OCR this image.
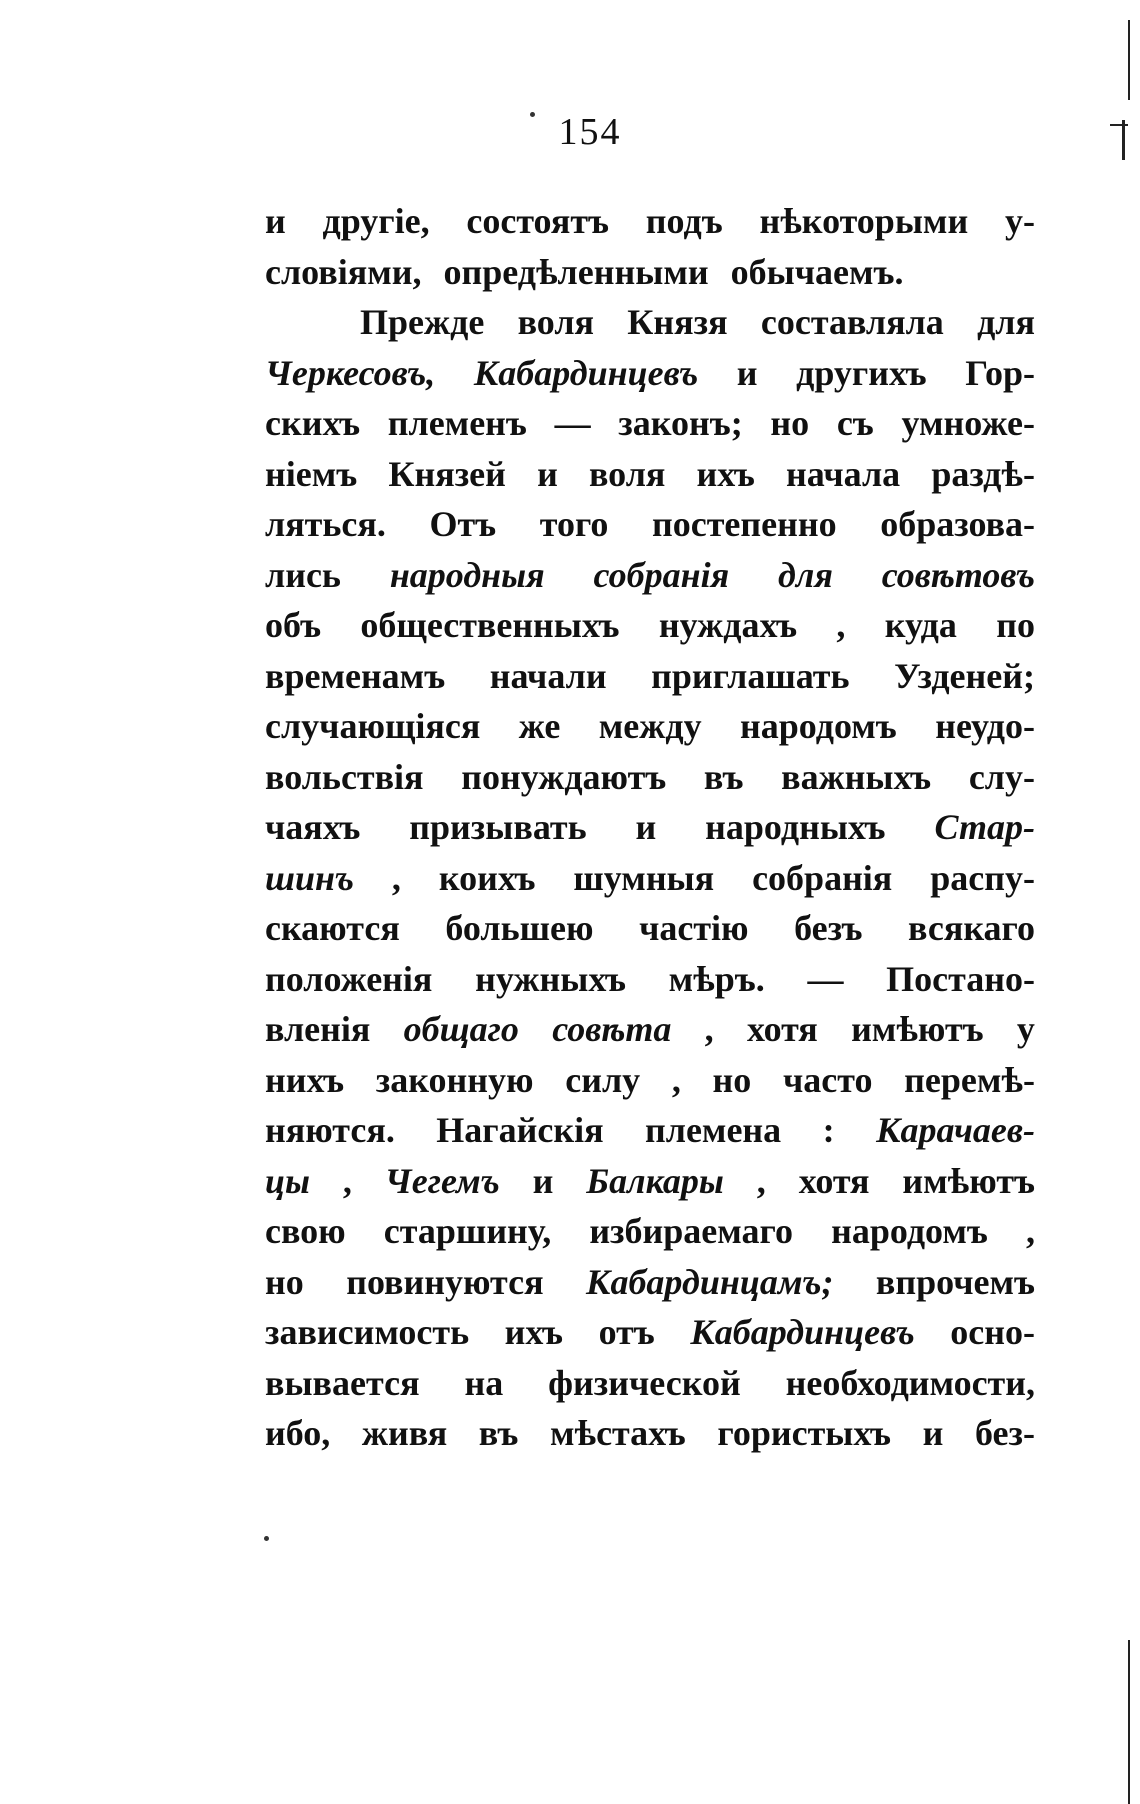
154
и другіе, состоятъ подъ нѣкоторыми у-
словіями, опредѣленными обычаемъ.
Прежде воля Князя составляла для
Черкесовъ, Кабардинцевъ и другихъ Гор-
скихъ племенъ — законъ; но съ умноже-
ніемъ Князей и воля ихъ начала раздѣ-
ляться. Отъ того постепенно образова-
лись народныя собранія для совѣтовъ
объ общественныхъ нуждахъ , куда по
временамъ начали приглашать Узденей;
случающіяся же между народомъ неудо-
вольствія понуждаютъ въ важныхъ слу-
чаяхъ призывать и народныхъ Стар-
шинъ , коихъ шумныя собранія распу-
скаются большею частію безъ всякаго
положенія нужныхъ мѣръ. — Постано-
вленія общаго совѣта , хотя имѣютъ у
нихъ законную силу , но часто перемѣ-
няются. Нагайскія племена : Карачаев-
цы , Чегемъ и Балкары , хотя имѣютъ
свою старшину, избираемаго народомъ ,
но повинуются Кабардинцамъ; впрочемъ
зависимость ихъ отъ Кабардинцевъ осно-
вывается на физической необходимости,
ибо, живя въ мѣстахъ гористыхъ и без-
